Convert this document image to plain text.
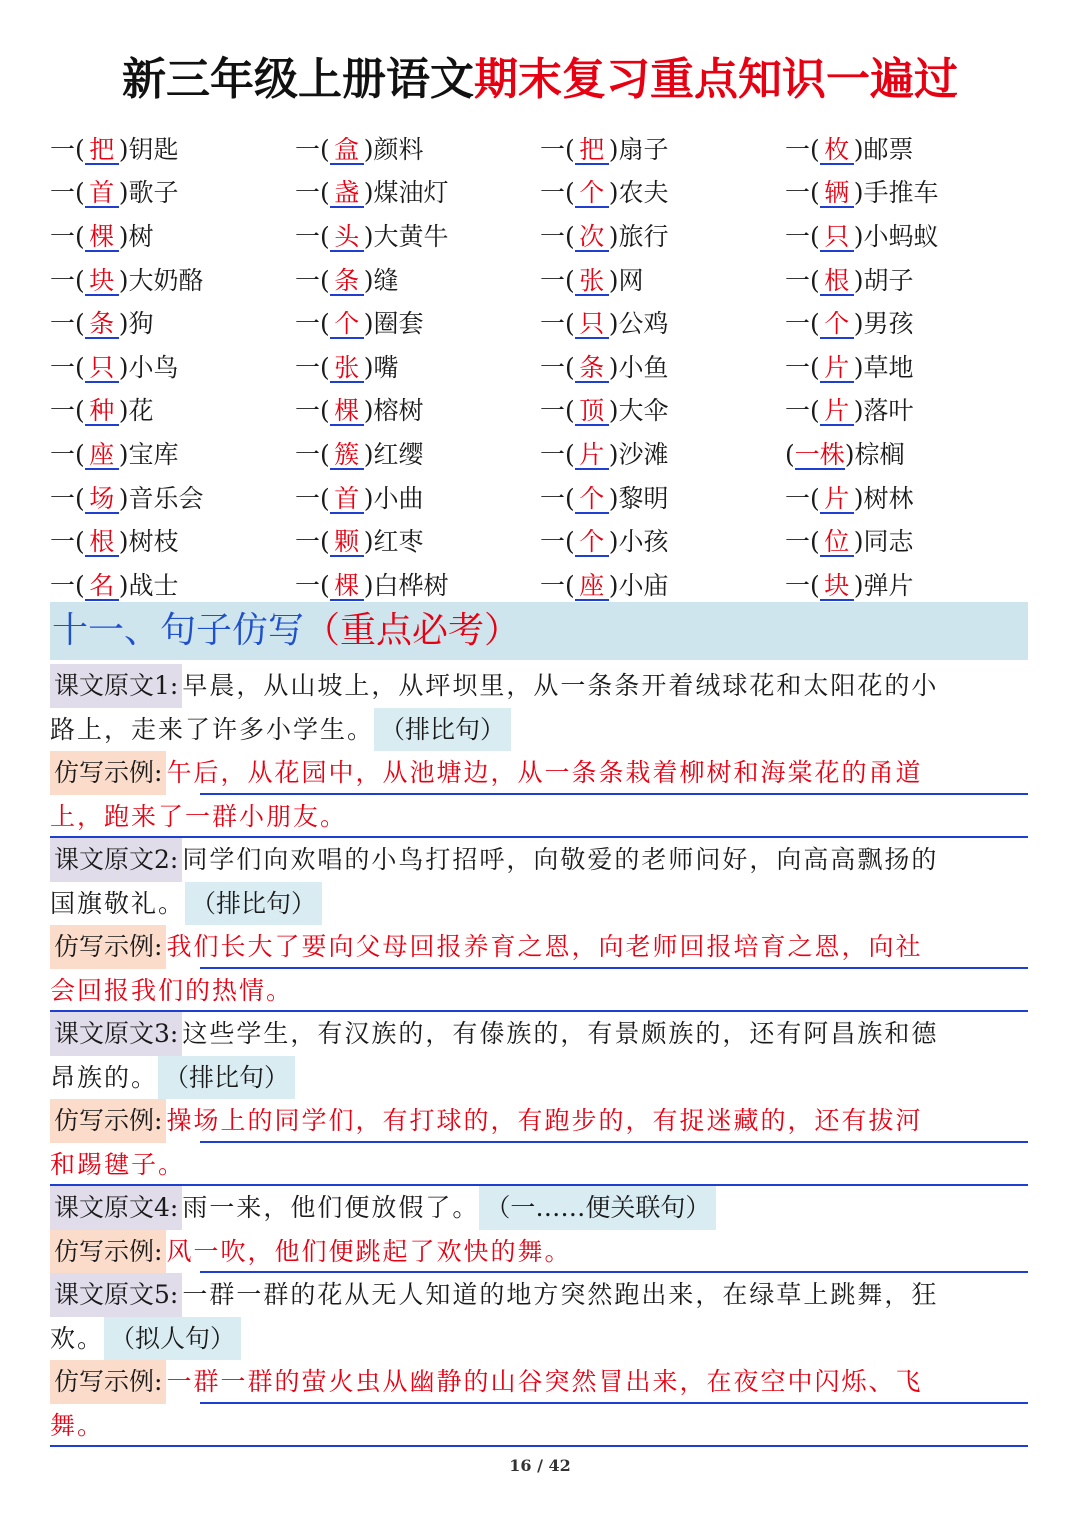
新三年级上册语文期末复习重点知识一遍过
一( 把 )钥匙	一( 盒 )颜料	一( 把 )扇子	一( 枚 )邮票
一( 首 )歌子	一( 盏 )煤油灯	一( 个 )农夫	一( 辆 )手推车
一( 棵 )树	一( 头 )大黄牛	一( 次 )旅行	一( 只 )小蚂蚁
一( 块 )大奶酪	一( 条 )缝	一( 张 )网	一( 根 )胡子
一( 条 )狗	一( 个 )圈套	一( 只 )公鸡	一( 个 )男孩
一( 只 )小鸟	一( 张 )嘴	一( 条 )小鱼	一( 片 )草地
一( 种 )花	一( 棵 )榕树	一( 顶 )大伞	一( 片 )落叶
一( 座 )宝库	一( 簇 )红缨	一( 片 )沙滩	(一株)棕榈
一( 场 )音乐会	一( 首 )小曲	一( 个 )黎明	一( 片 )树林
一( 根 )树枝	一( 颗 )红枣	一( 个 )小孩	一( 位 )同志
一( 名 )战士	一( 棵 )白桦树	一( 座 )小庙	一( 块 )弹片
十一、句子仿写（重点必考）
课文原文1: 早晨，从山坡上，从坪坝里，从一条条开着绒球花和太阳花的小
路上，走来了许多小学生。 （排比句）
仿写示例: 午后，从花园中，从池塘边，从一条条栽着柳树和海棠花的甬道
上，跑来了一群小朋友。
课文原文2: 同学们向欢唱的小鸟打招呼，向敬爱的老师问好，向高高飘扬的
国旗敬礼。 （排比句）
仿写示例: 我们长大了要向父母回报养育之恩，向老师回报培育之恩，向社
会回报我们的热情。
课文原文3: 这些学生，有汉族的，有傣族的，有景颇族的，还有阿昌族和德
昂族的。 （排比句）
仿写示例: 操场上的同学们，有打球的，有跑步的，有捉迷藏的，还有拔河
和踢毽子。
课文原文4: 雨一来，他们便放假了。 （一……便关联句）
仿写示例: 风一吹，他们便跳起了欢快的舞。
课文原文5: 一群一群的花从无人知道的地方突然跑出来，在绿草上跳舞，狂
欢。 （拟人句）
仿写示例: 一群一群的萤火虫从幽静的山谷突然冒出来，在夜空中闪烁、飞
舞。
16 / 42
